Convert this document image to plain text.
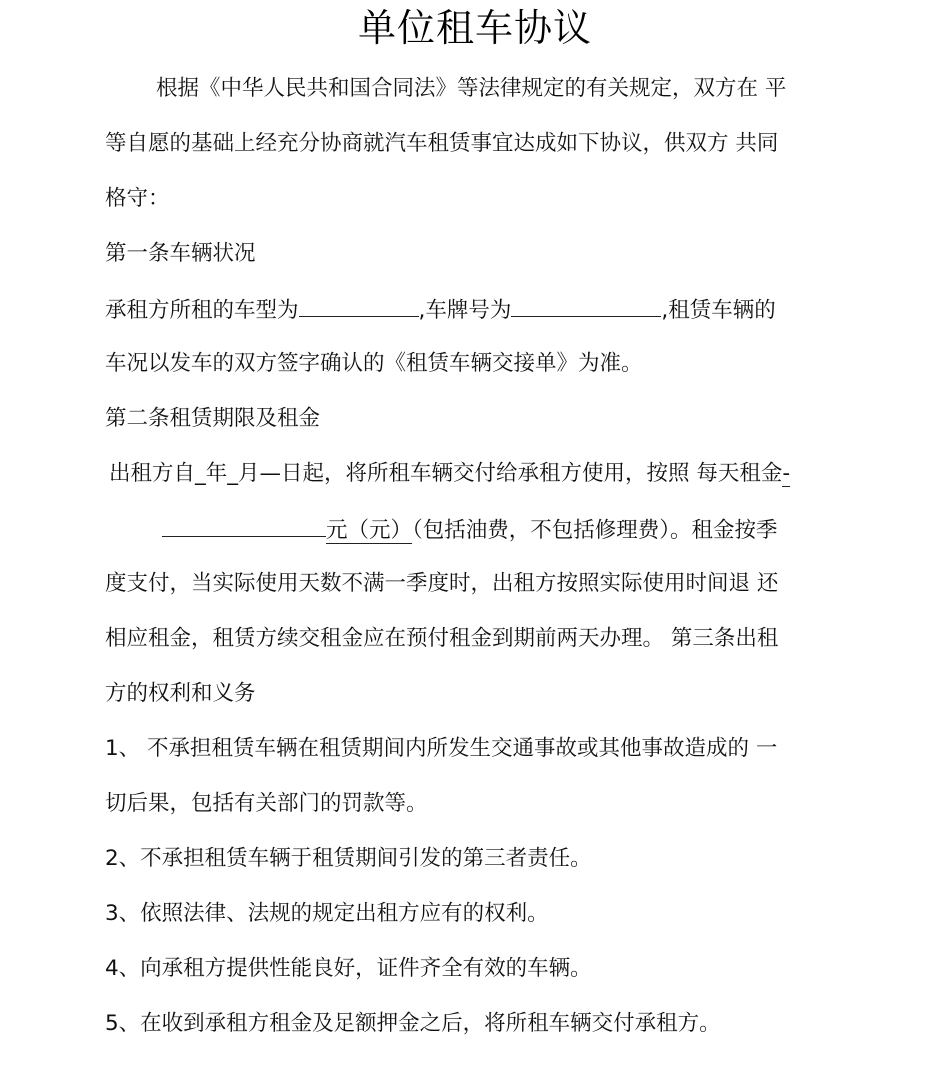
单位租车协议
根据《中华人民共和国合同法》等法律规定的有关规定，双方在 平
等自愿的基础上经充分协商就汽车租赁事宜达成如下协议，供双方 共同
格守：
第一条车辆状况
承租方所租的车型为	,车牌号为	,租赁车辆的
车况以发车的双方签字确认的《租赁车辆交接单》为准。
第二条租赁期限及租金
出租方自_年_月—日起，将所租车辆交付给承租方使用，按照 每天租金-
元（元）（包括油费，不包括修理费）。租金按季
度支付，当实际使用天数不满一季度时，出租方按照实际使用时间退 还
相应租金，租赁方续交租金应在预付租金到期前两天办理。 第三条出租
方的权利和义务
1、 不承担租赁车辆在租赁期间内所发生交通事故或其他事故造成的 一
切后果，包括有关部门的罚款等。
2、不承担租赁车辆于租赁期间引发的第三者责任。
3、依照法律、法规的规定出租方应有的权利。
4、向承租方提供性能良好，证件齐全有效的车辆。
5、在收到承租方租金及足额押金之后，将所租车辆交付承租方。
